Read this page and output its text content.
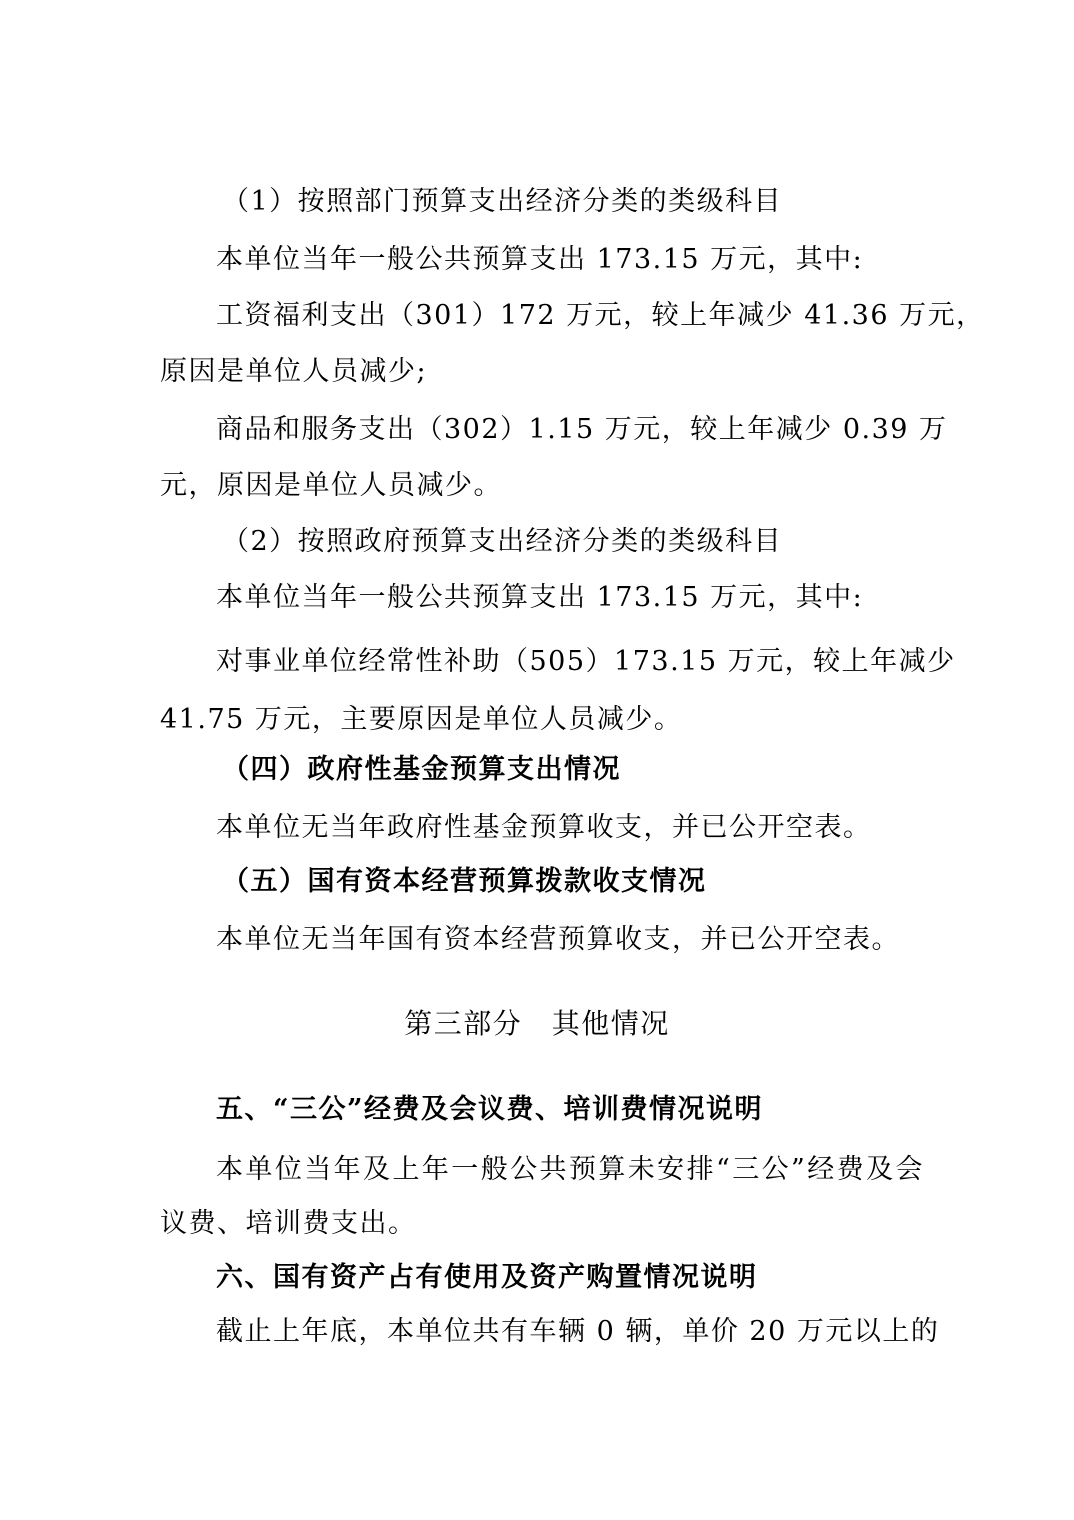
（1）按照部门预算支出经济分类的类级科目
本单位当年一般公共预算支出 173.15 万元，其中:
工资福利支出（301）172 万元，较上年减少 41.36 万元，
原因是单位人员减少;
商品和服务支出（302）1.15 万元，较上年减少 0.39 万
元，原因是单位人员减少。
（2）按照政府预算支出经济分类的类级科目
本单位当年一般公共预算支出 173.15 万元，其中:
对事业单位经常性补助（505）173.15 万元，较上年减少
41.75 万元，主要原因是单位人员减少。
（四）政府性基金预算支出情况
本单位无当年政府性基金预算收支，并已公开空表。
（五）国有资本经营预算拨款收支情况
本单位无当年国有资本经营预算收支，并已公开空表。
第三部分　其他情况
五、“三公”经费及会议费、培训费情况说明
本单位当年及上年一般公共预算未安排“三公”经费及会
议费、培训费支出。
六、国有资产占有使用及资产购置情况说明
截止上年底，本单位共有车辆 0 辆，单价 20 万元以上的
